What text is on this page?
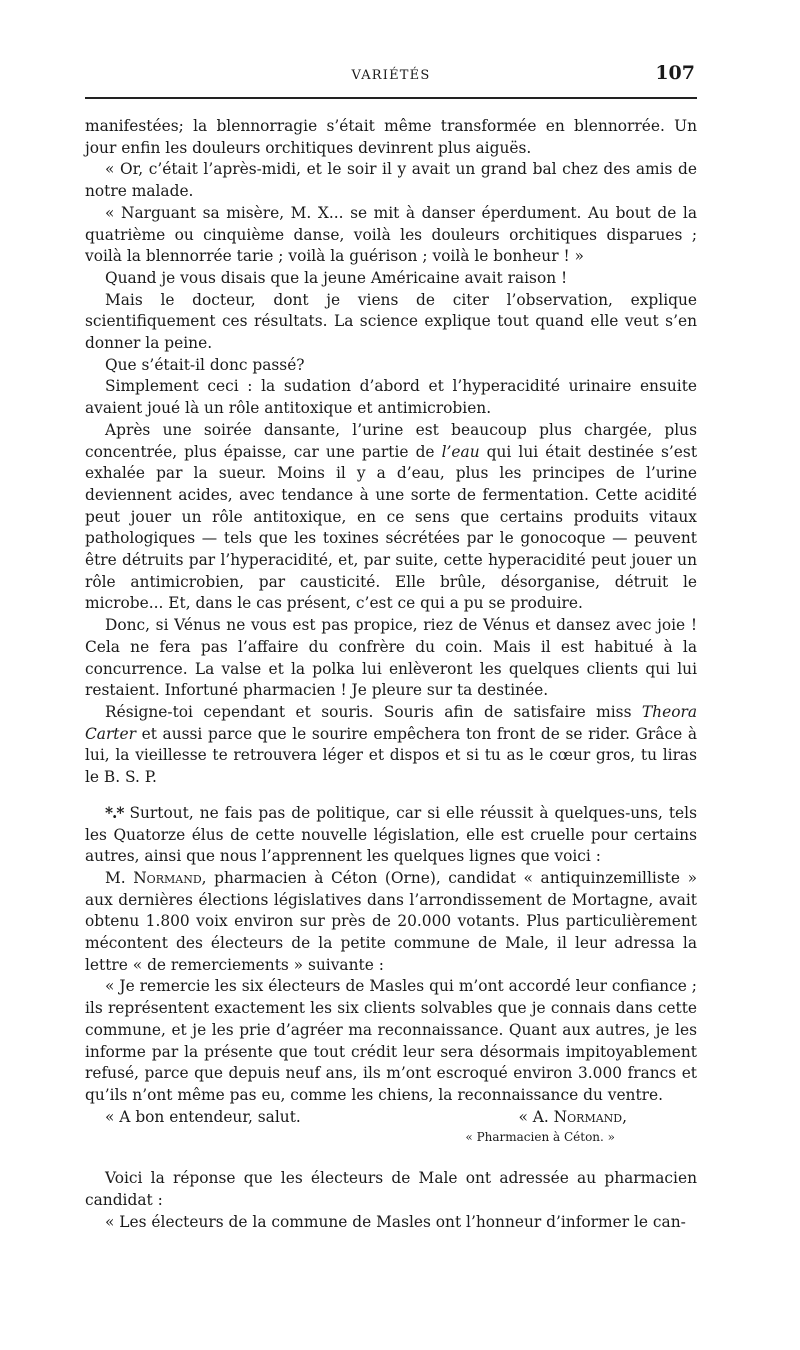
VARIÉTÉS	107

manifestées; la blennorragie s’était même transformée en blennorrée. Un jour enfin les douleurs orchitiques devinrent plus aiguës.

« Or, c’était l’après-midi, et le soir il y avait un grand bal chez des amis de notre malade.

« Narguant sa misère, M. X... se mit à danser éperdument. Au bout de la quatrième ou cinquième danse, voilà les douleurs orchitiques disparues ; voilà la blennorrée tarie ; voilà la guérison ; voilà le bonheur ! »

Quand je vous disais que la jeune Américaine avait raison !

Mais le docteur, dont je viens de citer l’observation, explique scientifiquement ces résultats. La science explique tout quand elle veut s’en donner la peine.

Que s’était-il donc passé?

Simplement ceci : la sudation d’abord et l’hyperacidité urinaire ensuite avaient joué là un rôle antitoxique et antimicrobien.

Après une soirée dansante, l’urine est beaucoup plus chargée, plus concentrée, plus épaisse, car une partie de l’eau qui lui était destinée s’est exhalée par la sueur. Moins il y a d’eau, plus les principes de l’urine deviennent acides, avec tendance à une sorte de fermentation. Cette acidité peut jouer un rôle antitoxique, en ce sens que certains produits vitaux pathologiques — tels que les toxines sécrétées par le gonocoque — peuvent être détruits par l’hyperacidité, et, par suite, cette hyperacidité peut jouer un rôle antimicrobien, par causticité. Elle brûle, désorganise, détruit le microbe... Et, dans le cas présent, c’est ce qui a pu se produire.

Donc, si Vénus ne vous est pas propice, riez de Vénus et dansez avec joie ! Cela ne fera pas l’affaire du confrère du coin. Mais il est habitué à la concurrence. La valse et la polka lui enlèveront les quelques clients qui lui restaient. Infortuné pharmacien ! Je pleure sur ta destinée.

Résigne-toi cependant et souris. Souris afin de satisfaire miss Theora Carter et aussi parce que le sourire empêchera ton front de se rider. Grâce à lui, la vieillesse te retrouvera léger et dispos et si tu as le cœur gros, tu liras le B. S. P.

*.* Surtout, ne fais pas de politique, car si elle réussit à quelques-uns, tels les Quatorze élus de cette nouvelle législation, elle est cruelle pour certains autres, ainsi que nous l’apprennent les quelques lignes que voici :

M. Normand, pharmacien à Céton (Orne), candidat « antiquinzemilliste » aux dernières élections législatives dans l’arrondissement de Mortagne, avait obtenu 1.800 voix environ sur près de 20.000 votants. Plus particulièrement mécontent des électeurs de la petite commune de Male, il leur adressa la lettre « de remerciements » suivante :

« Je remercie les six électeurs de Masles qui m’ont accordé leur confiance ; ils représentent exactement les six clients solvables que je connais dans cette commune, et je les prie d’agréer ma reconnaissance. Quant aux autres, je les informe par la présente que tout crédit leur sera désormais impitoyablement refusé, parce que depuis neuf ans, ils m’ont escroqué environ 3.000 francs et qu’ils n’ont même pas eu, comme les chiens, la reconnaissance du ventre.

« A bon entendeur, salut.	« A. Normand,
« Pharmacien à Céton. »

Voici la réponse que les électeurs de Male ont adressée au pharmacien candidat :

« Les électeurs de la commune de Masles ont l’honneur d’informer le can-
